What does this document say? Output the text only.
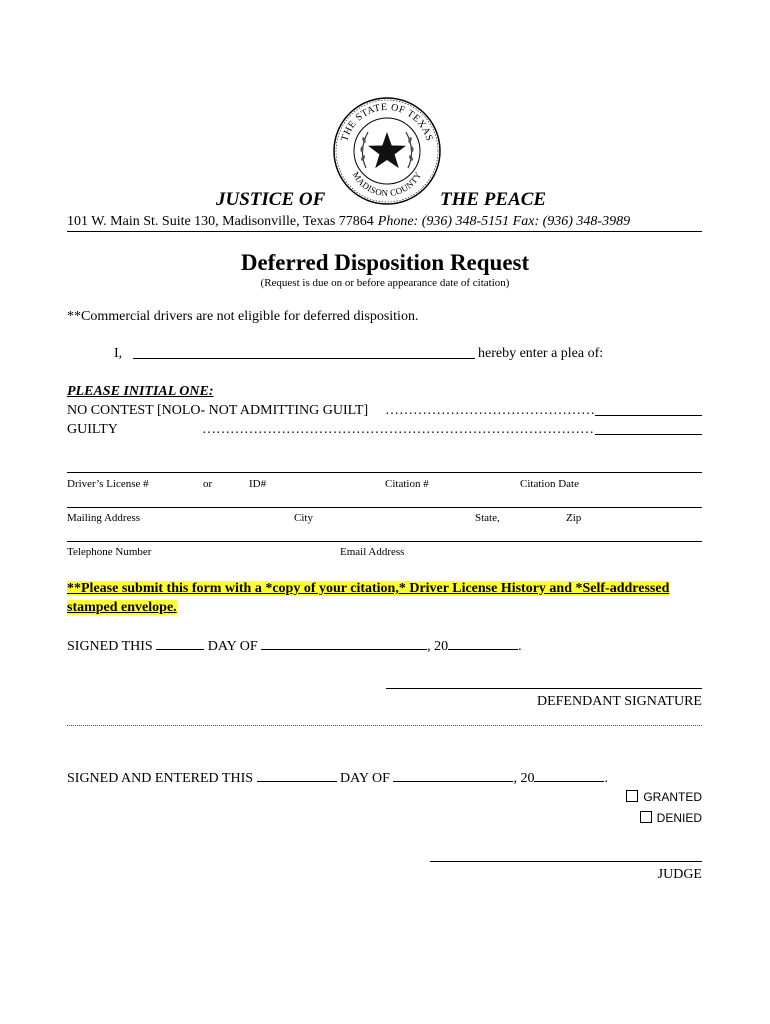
THE STATE OF TEXAS
MADISON COUNTY
JUSTICE OF	THE PEACE
101 W. Main St. Suite 130, Madisonville, Texas 77864 Phone: (936) 348-5151 Fax: (936) 348-3989
Deferred Disposition Request
(Request is due on or before appearance date of citation)
**Commercial drivers are not eligible for deferred disposition.
I,	hereby enter a plea of:
PLEASE INITIAL ONE:
NO CONTEST [NOLO- NOT ADMITTING GUILT] ………………………………………
GUILTY	…………………………………………………………………………
Driver’s License #	or	ID#	Citation #	Citation Date
Mailing Address	City	State,	Zip
Telephone Number	Email Address
**Please submit this form with a *copy of your citation,* Driver License History and *Self-addressed
stamped envelope.
SIGNED THIS	DAY OF	, 20	.
DEFENDANT SIGNATURE
SIGNED AND ENTERED THIS	DAY OF	, 20	.
GRANTED
DENIED
JUDGE
